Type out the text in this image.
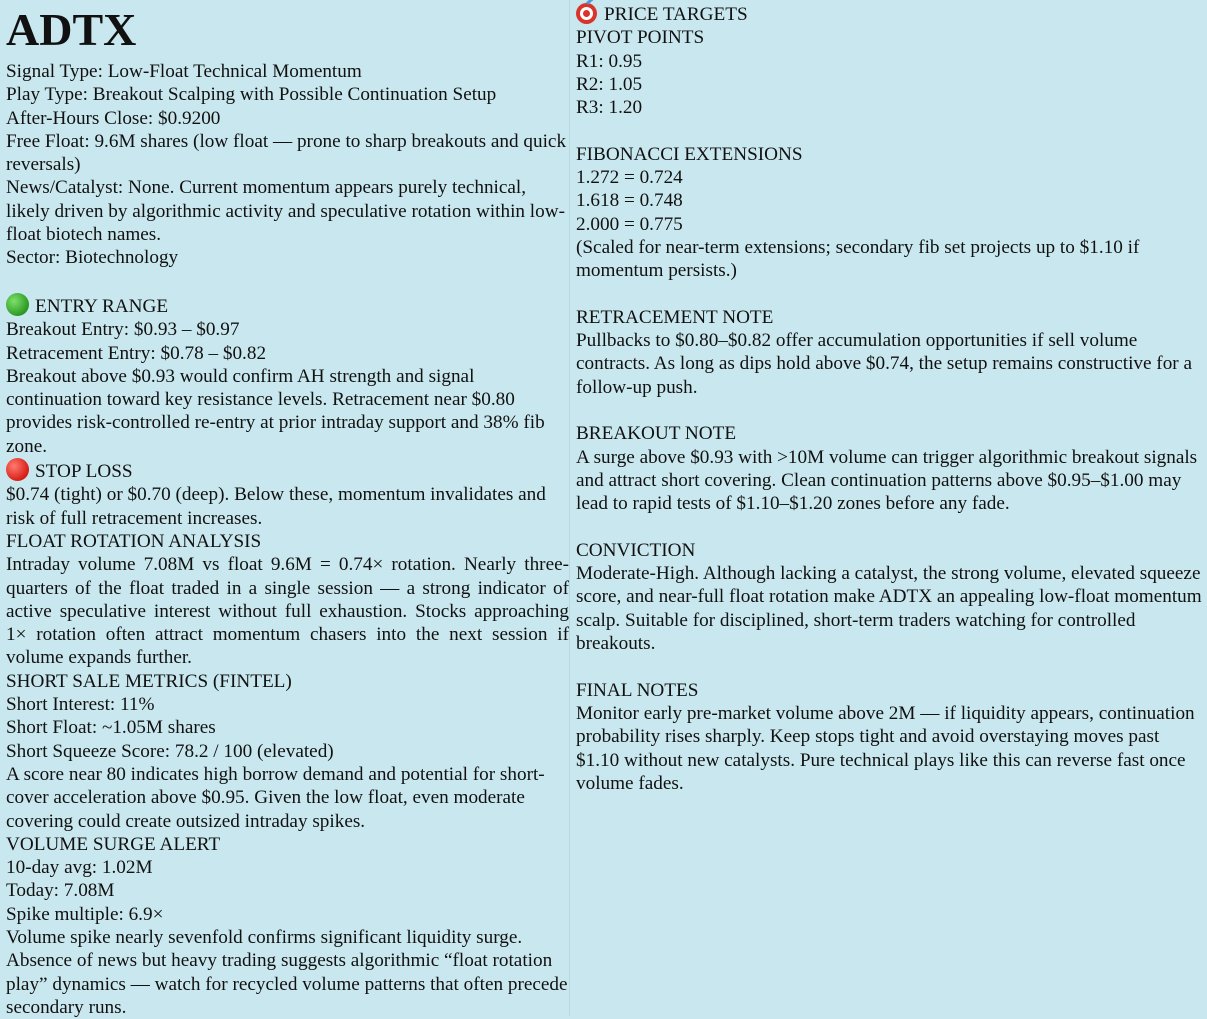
ADTX

Signal Type: Low-Float Technical Momentum

Play Type: Breakout Scalping with Possible Continuation Setup

After-Hours Close: $0.9200

Free Float: 9.6M shares (low float — prone to sharp breakouts and quick reversals)

News/Catalyst: None. Current momentum appears purely technical, likely driven by algorithmic activity and speculative rotation within low-float biotech names.

Sector: Biotechnology

ENTRY RANGE

Breakout Entry: $0.93 – $0.97

Retracement Entry: $0.78 – $0.82

Breakout above $0.93 would confirm AH strength and signal continuation toward key resistance levels. Retracement near $0.80 provides risk-controlled re-entry at prior intraday support and 38% fib zone.

STOP LOSS

$0.74 (tight) or $0.70 (deep). Below these, momentum invalidates and risk of full retracement increases.

FLOAT ROTATION ANALYSIS

Intraday volume 7.08M vs float 9.6M = 0.74× rotation. Nearly three-quarters of the float traded in a single session — a strong indicator of active speculative interest without full exhaustion. Stocks approaching 1× rotation often attract momentum chasers into the next session if volume expands further.

SHORT SALE METRICS (FINTEL)

Short Interest: 11%

Short Float: ~1.05M shares

Short Squeeze Score: 78.2 / 100 (elevated)

A score near 80 indicates high borrow demand and potential for short-cover acceleration above $0.95. Given the low float, even moderate covering could create outsized intraday spikes.

VOLUME SURGE ALERT

10-day avg: 1.02M

Today: 7.08M

Spike multiple: 6.9×

Volume spike nearly sevenfold confirms significant liquidity surge. Absence of news but heavy trading suggests algorithmic “float rotation play” dynamics — watch for recycled volume patterns that often precede secondary runs.

PRICE TARGETS

PIVOT POINTS

R1: 0.95

R2: 1.05

R3: 1.20

FIBONACCI EXTENSIONS

1.272 = 0.724

1.618 = 0.748

2.000 = 0.775

(Scaled for near-term extensions; secondary fib set projects up to $1.10 if momentum persists.)

RETRACEMENT NOTE

Pullbacks to $0.80–$0.82 offer accumulation opportunities if sell volume contracts. As long as dips hold above $0.74, the setup remains constructive for a follow-up push.

BREAKOUT NOTE

A surge above $0.93 with >10M volume can trigger algorithmic breakout signals and attract short covering. Clean continuation patterns above $0.95–$1.00 may lead to rapid tests of $1.10–$1.20 zones before any fade.

CONVICTION

Moderate-High. Although lacking a catalyst, the strong volume, elevated squeeze score, and near-full float rotation make ADTX an appealing low-float momentum scalp. Suitable for disciplined, short-term traders watching for controlled breakouts.

FINAL NOTES

Monitor early pre-market volume above 2M — if liquidity appears, continuation probability rises sharply. Keep stops tight and avoid overstaying moves past $1.10 without new catalysts. Pure technical plays like this can reverse fast once volume fades.
